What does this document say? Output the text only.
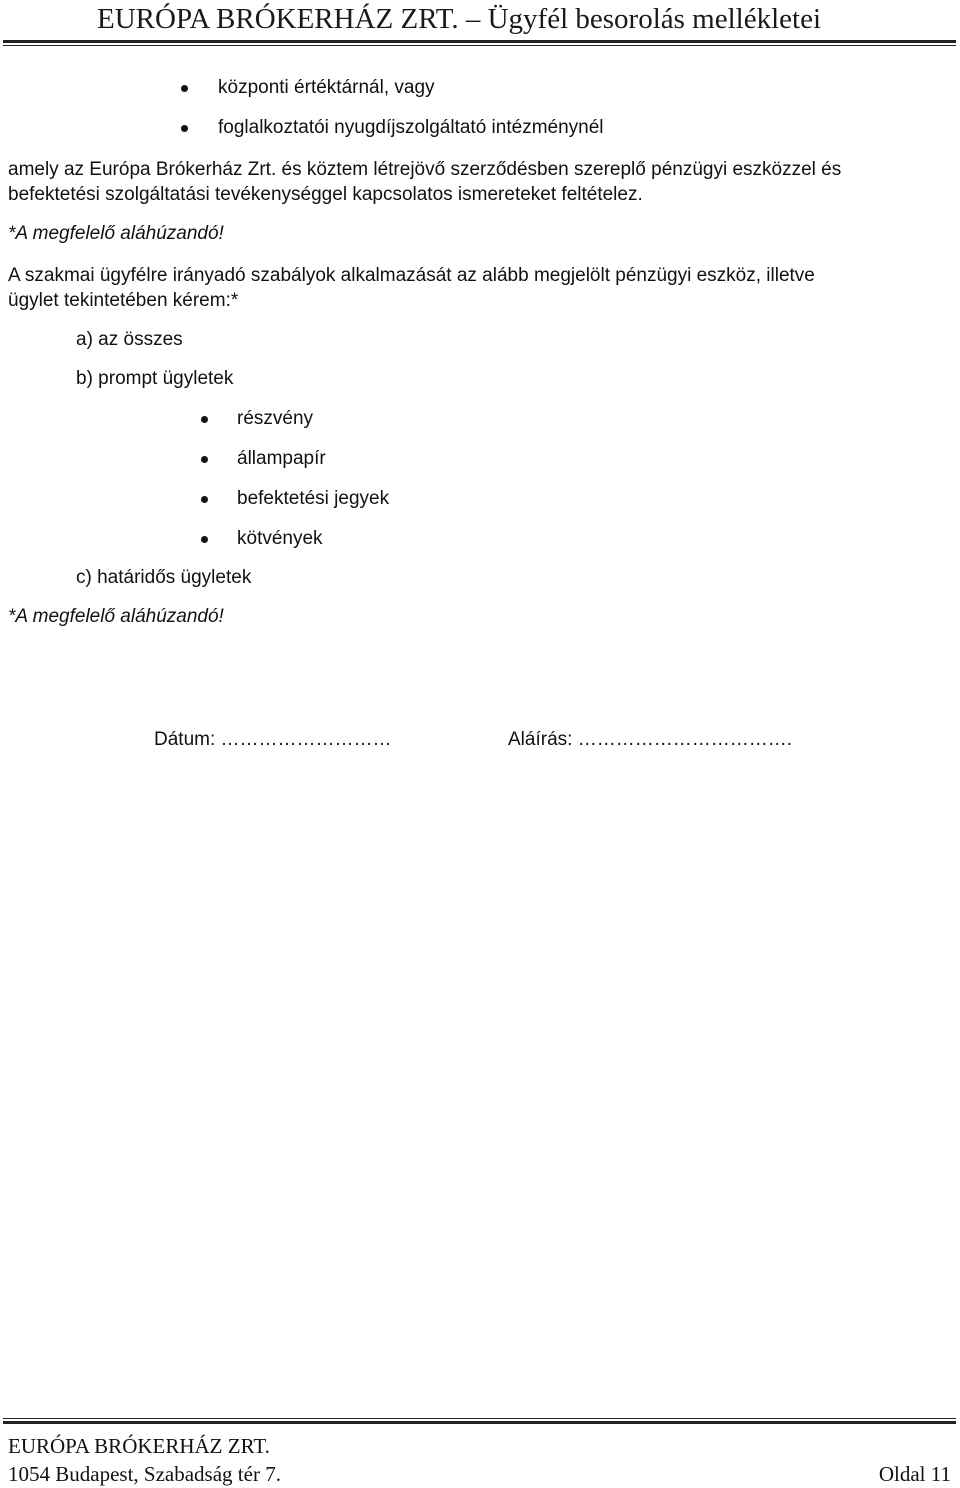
EURÓPA BRÓKERHÁZ ZRT. – Ügyfél besorolás mellékletei
központi értéktárnál, vagy
foglalkoztatói nyugdíjszolgáltató intézménynél
amely az Európa Brókerház Zrt. és köztem létrejövő szerződésben szereplő pénzügyi eszközzel és
befektetési szolgáltatási tevékenységgel kapcsolatos ismereteket feltételez.
*A megfelelő aláhúzandó!
A szakmai ügyfélre irányadó szabályok alkalmazását az alább megjelölt pénzügyi eszköz, illetve
ügylet tekintetében kérem:*
a) az összes
b) prompt ügyletek
részvény
állampapír
befektetési jegyek
kötvények
c) határidős ügyletek
*A megfelelő aláhúzandó!
Dátum: ………………………	Aláírás: …………………………….
EURÓPA BRÓKERHÁZ ZRT.
1054 Budapest, Szabadság tér 7.	Oldal 11
